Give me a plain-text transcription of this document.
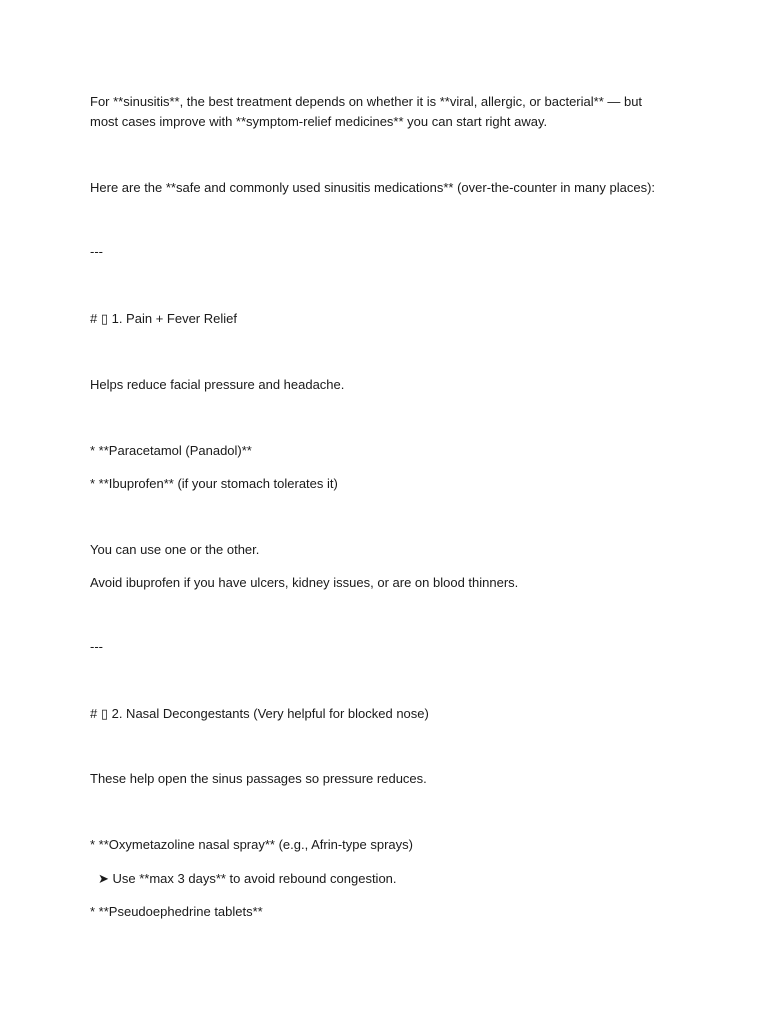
For **sinusitis**, the best treatment depends on whether it is **viral, allergic, or bacterial** — but
most cases improve with **symptom-relief medicines** you can start right away.
Here are the **safe and commonly used sinusitis medications** (over-the-counter in many places):
---
# ▯ 1. Pain + Fever Relief
Helps reduce facial pressure and headache.
* **Paracetamol (Panadol)**
* **Ibuprofen** (if your stomach tolerates it)
You can use one or the other.
Avoid ibuprofen if you have ulcers, kidney issues, or are on blood thinners.
---
# ▯ 2. Nasal Decongestants (Very helpful for blocked nose)
These help open the sinus passages so pressure reduces.
* **Oxymetazoline nasal spray** (e.g., Afrin-type sprays)
➤ Use **max 3 days** to avoid rebound congestion.
* **Pseudoephedrine tablets**
